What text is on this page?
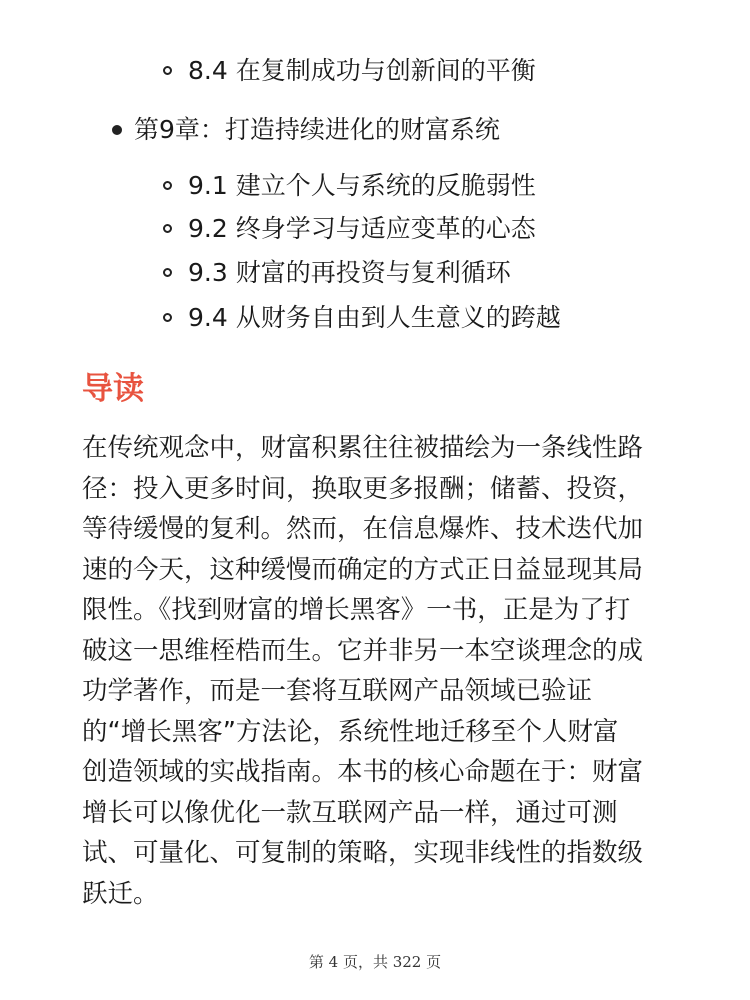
8.4 在复制成功与创新间的平衡
第9章：打造持续进化的财富系统
9.1 建立个人与系统的反脆弱性
9.2 终身学习与适应变革的心态
9.3 财富的再投资与复利循环
9.4 从财务自由到人生意义的跨越
导读

在传统观念中，财富积累往往被描绘为一条线性路
径：投入更多时间，换取更多报酬；储蓄、投资，
等待缓慢的复利。然而，在信息爆炸、技术迭代加
速的今天，这种缓慢而确定的方式正日益显现其局
限性。《找到财富的增长黑客》一书，正是为了打
破这一思维桎梏而生。它并非另一本空谈理念的成
功学著作，而是一套将互联网产品领域已验证
的“增长黑客”方法论，系统性地迁移至个人财富
创造领域的实战指南。本书的核心命题在于：财富
增长可以像优化一款互联网产品一样，通过可测
试、可量化、可复制的策略，实现非线性的指数级
跃迁。

第 4 页，共 322 页
